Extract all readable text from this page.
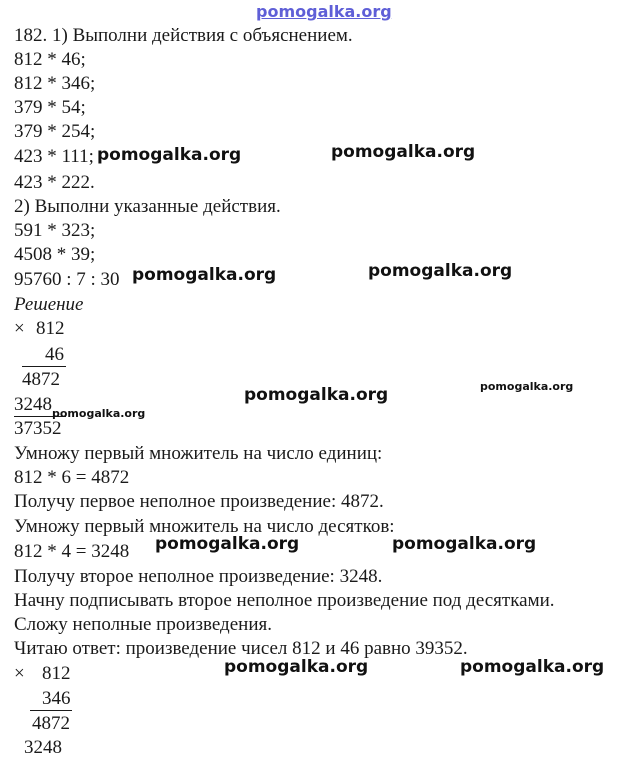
pomogalka.org
182. 1) Выполни действия с объяснением.
812 * 46;
812 * 346;
379 * 54;
379 * 254;
423 * 111;
423 * 222.
2) Выполни указанные действия.
591 * 323;
4508 * 39;
95760 : 7 : 30
Решение
× 812
46
4872
3248
37352
Умножу первый множитель на число единиц:
812 * 6 = 4872
Получу первое неполное произведение: 4872.
Умножу первый множитель на число десятков:
812 * 4 = 3248
Получу второе неполное произведение: 3248.
Начну подписывать второе неполное произведение под десятками.
Сложу неполные произведения.
Читаю ответ: произведение чисел 812 и 46 равно 39352.
× 812
346
4872
3248
pomogalka.org	pomogalka.org
pomogalka.org	pomogalka.org
pomogalka.org	pomogalka.org
pomogalka.org
pomogalka.org	pomogalka.org
pomogalka.org	pomogalka.org
